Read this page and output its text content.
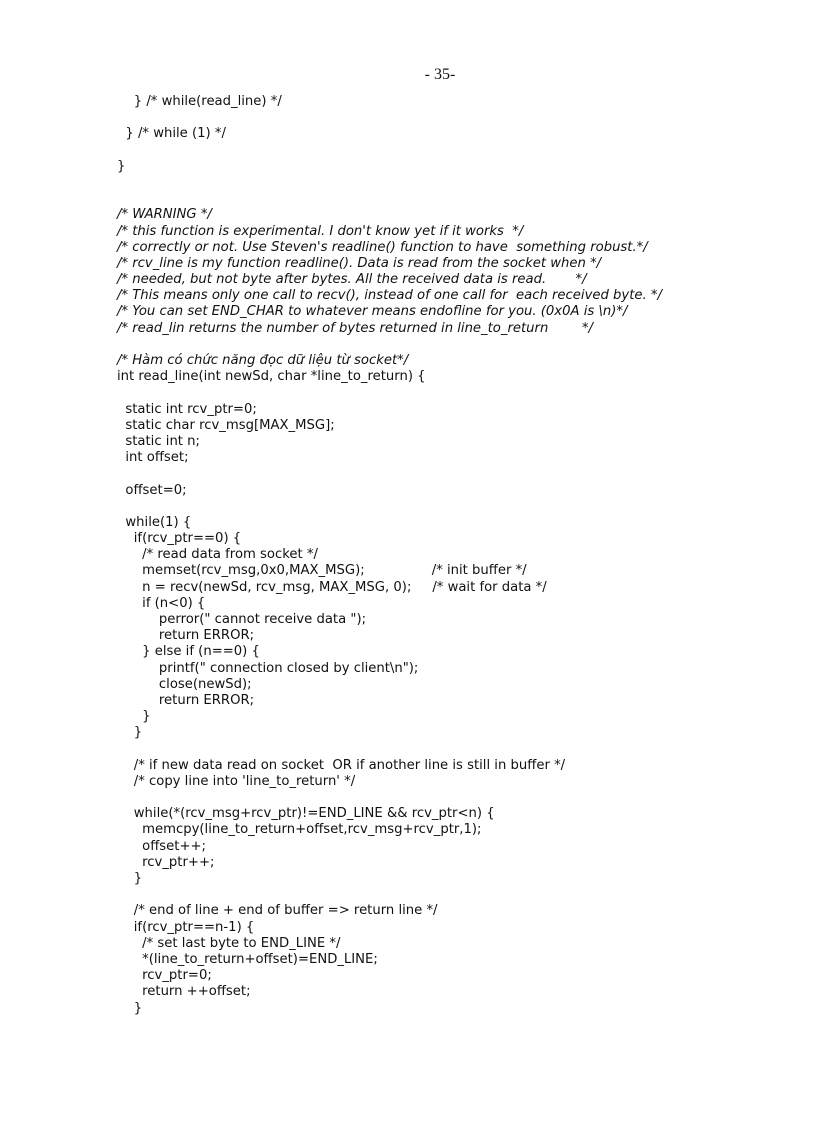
- 35-
} /* while(read_line) */
} /* while (1) */
}
/* WARNING */
/* this function is experimental. I don't know yet if it works  */
/* correctly or not. Use Steven's readline() function to have  something robust.*/
/* rcv_line is my function readline(). Data is read from the socket when */
/* needed, but not byte after bytes. All the received data is read.       */
/* This means only one call to recv(), instead of one call for  each received byte. */
/* You can set END_CHAR to whatever means endofline for you. (0x0A is \n)*/
/* read_lin returns the number of bytes returned in line_to_return        */
/* Hàm có chức năng đọc dữ liệu từ socket*/
int read_line(int newSd, char *line_to_return) {
static int rcv_ptr=0;
static char rcv_msg[MAX_MSG];
static int n;
int offset;
offset=0;
while(1) {
if(rcv_ptr==0) {
/* read data from socket */
memset(rcv_msg,0x0,MAX_MSG);                /* init buffer */
n = recv(newSd, rcv_msg, MAX_MSG, 0);     /* wait for data */
if (n<0) {
perror(" cannot receive data ");
return ERROR;
} else if (n==0) {
printf(" connection closed by client\n");
close(newSd);
return ERROR;
}
}
/* if new data read on socket  OR if another line is still in buffer */
/* copy line into 'line_to_return' */
while(*(rcv_msg+rcv_ptr)!=END_LINE && rcv_ptr<n) {
memcpy(line_to_return+offset,rcv_msg+rcv_ptr,1);
offset++;
rcv_ptr++;
}
/* end of line + end of buffer => return line */
if(rcv_ptr==n-1) {
/* set last byte to END_LINE */
*(line_to_return+offset)=END_LINE;
rcv_ptr=0;
return ++offset;
}
